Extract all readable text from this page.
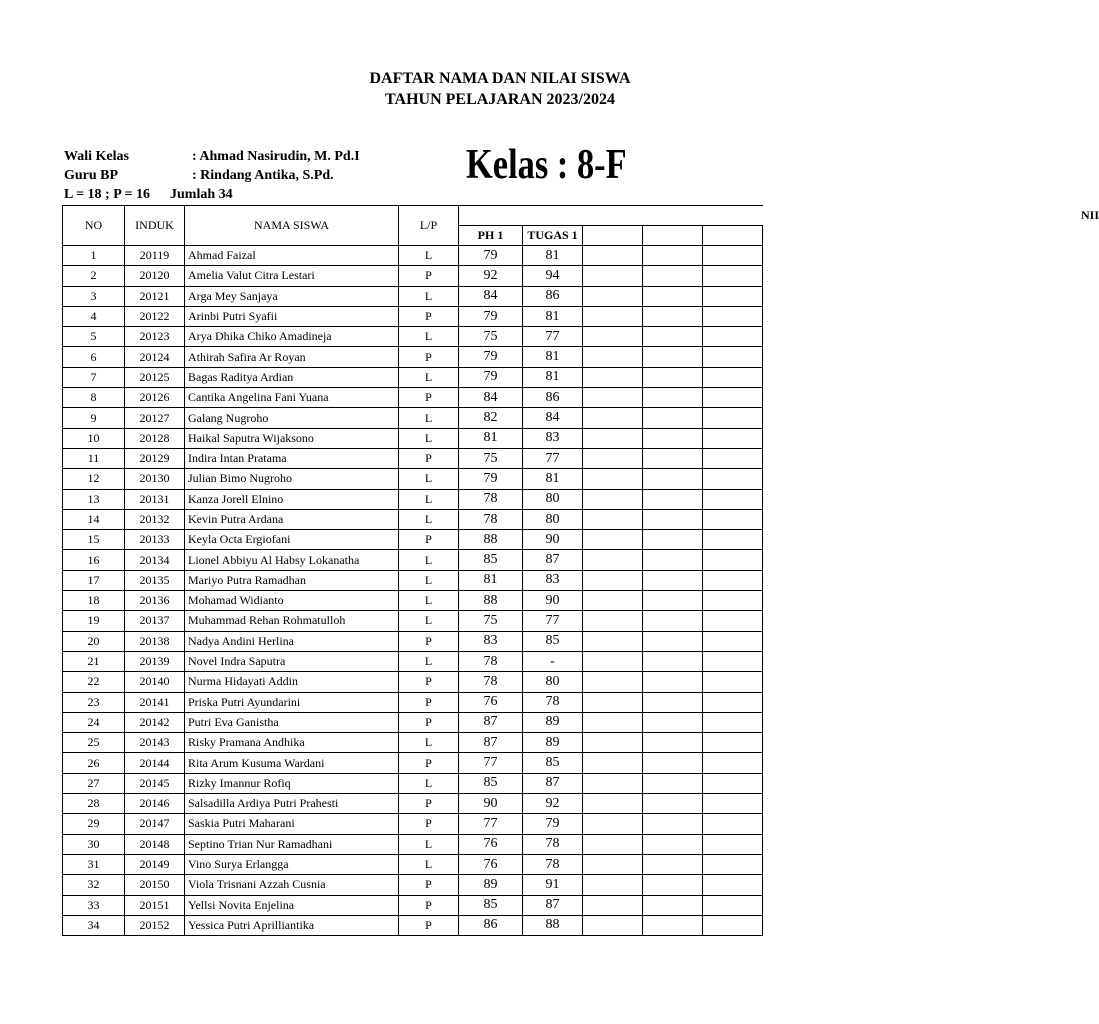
DAFTAR NAMA DAN NILAI SISWA
TAHUN PELAJARAN 2023/2024
Wali Kelas	: Ahmad Nasirudin, M. Pd.I
Guru BP	: Rindang Antika, S.Pd.
L = 18 ; P = 16 Jumlah 34
Kelas : 8-F
NO	INDUK	NAMA SISWA	L/P	NII				
				PH 1	TUGAS 1			
1	20119	Ahmad Faizal	L	79	81			
2	20120	Amelia Valut Citra Lestari	P	92	94			
3	20121	Arga Mey Sanjaya	L	84	86			
4	20122	Arinbi Putri Syafii	P	79	81			
5	20123	Arya Dhika Chiko Amadineja	L	75	77			
6	20124	Athirah Safira Ar Royan	P	79	81			
7	20125	Bagas Raditya Ardian	L	79	81			
8	20126	Cantika Angelina Fani Yuana	P	84	86			
9	20127	Galang Nugroho	L	82	84			
10	20128	Haikal Saputra Wijaksono	L	81	83			
11	20129	Indira Intan Pratama	P	75	77			
12	20130	Julian Bimo Nugroho	L	79	81			
13	20131	Kanza Jorell Elnino	L	78	80			
14	20132	Kevin Putra Ardana	L	78	80			
15	20133	Keyla Octa Ergiofani	P	88	90			
16	20134	Lionel Abbiyu Al Habsy Lokanatha	L	85	87			
17	20135	Mariyo Putra Ramadhan	L	81	83			
18	20136	Mohamad Widianto	L	88	90			
19	20137	Muhammad Rehan Rohmatulloh	L	75	77			
20	20138	Nadya Andini Herlina	P	83	85			
21	20139	Novel Indra Saputra	L	78	-			
22	20140	Nurma Hidayati Addin	P	78	80			
23	20141	Priska Putri Ayundarini	P	76	78			
24	20142	Putri Eva Ganistha	P	87	89			
25	20143	Risky Pramana Andhika	L	87	89			
26	20144	Rita Arum Kusuma Wardani	P	77	85			
27	20145	Rizky Imannur Rofiq	L	85	87			
28	20146	Salsadilla Ardiya Putri Prahesti	P	90	92			
29	20147	Saskia Putri Maharani	P	77	79			
30	20148	Septino Trian Nur Ramadhani	L	76	78			
31	20149	Vino Surya Erlangga	L	76	78			
32	20150	Viola Trisnani Azzah Cusnia	P	89	91			
33	20151	Yellsi Novita Enjelina	P	85	87			
34	20152	Yessica Putri Aprilliantika	P	86	88			
